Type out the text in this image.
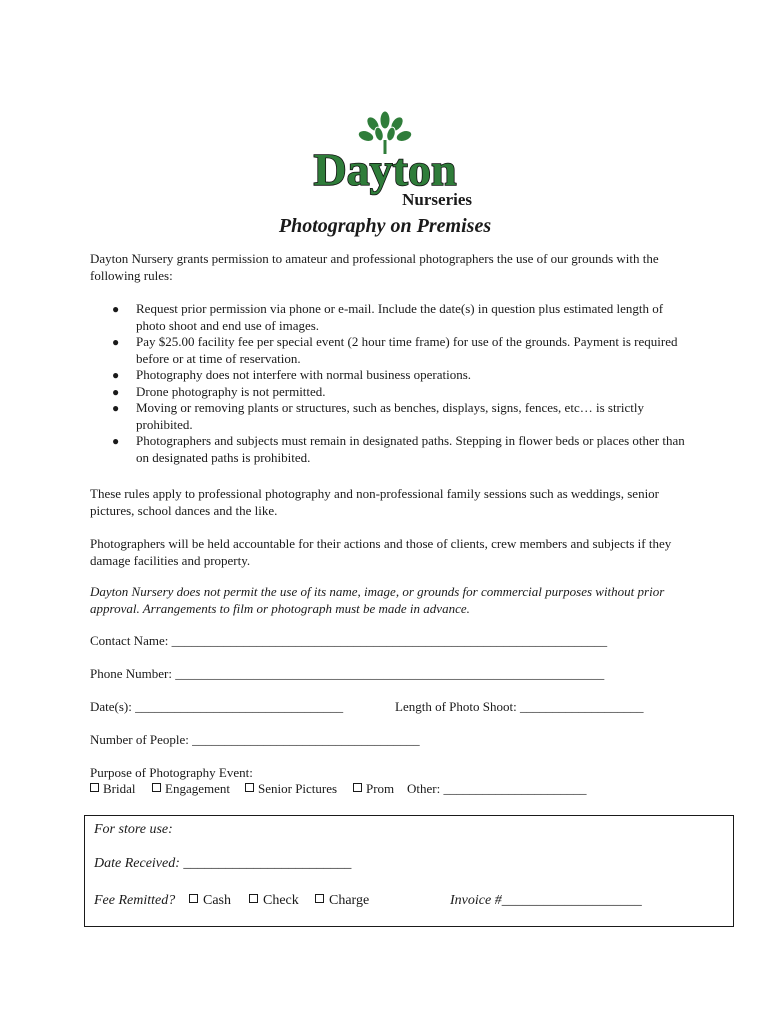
Dayton
Nurseries
Photography on Premises
Dayton Nursery grants permission to amateur and professional photographers the use of our grounds with the following rules:
● Request prior permission via phone or e-mail. Include the date(s) in question plus estimated length of photo shoot and end use of images.
● Pay $25.00 facility fee per special event (2 hour time frame) for use of the grounds. Payment is required before or at time of reservation.
● Photography does not interfere with normal business operations.
● Drone photography is not permitted.
● Moving or removing plants or structures, such as benches, displays, signs, fences, etc… is strictly prohibited.
● Photographers and subjects must remain in designated paths. Stepping in flower beds or places other than on designated paths is prohibited.
These rules apply to professional photography and non-professional family sessions such as weddings, senior pictures, school dances and the like.
Photographers will be held accountable for their actions and those of clients, crew members and subjects if they damage facilities and property.
Dayton Nursery does not permit the use of its name, image, or grounds for commercial purposes without prior approval. Arrangements to film or photograph must be made in advance.
Contact Name: ___________________________________________________________________
Phone Number: __________________________________________________________________
Date(s): ________________________________	Length of Photo Shoot: ___________________
Number of People: ___________________________________
Purpose of Photography Event:
Bridal	Engagement	Senior Pictures	Prom Other: ______________________
For store use:
Date Received: ________________________
Fee Remitted?	Cash	Check	Charge	Invoice #____________________
